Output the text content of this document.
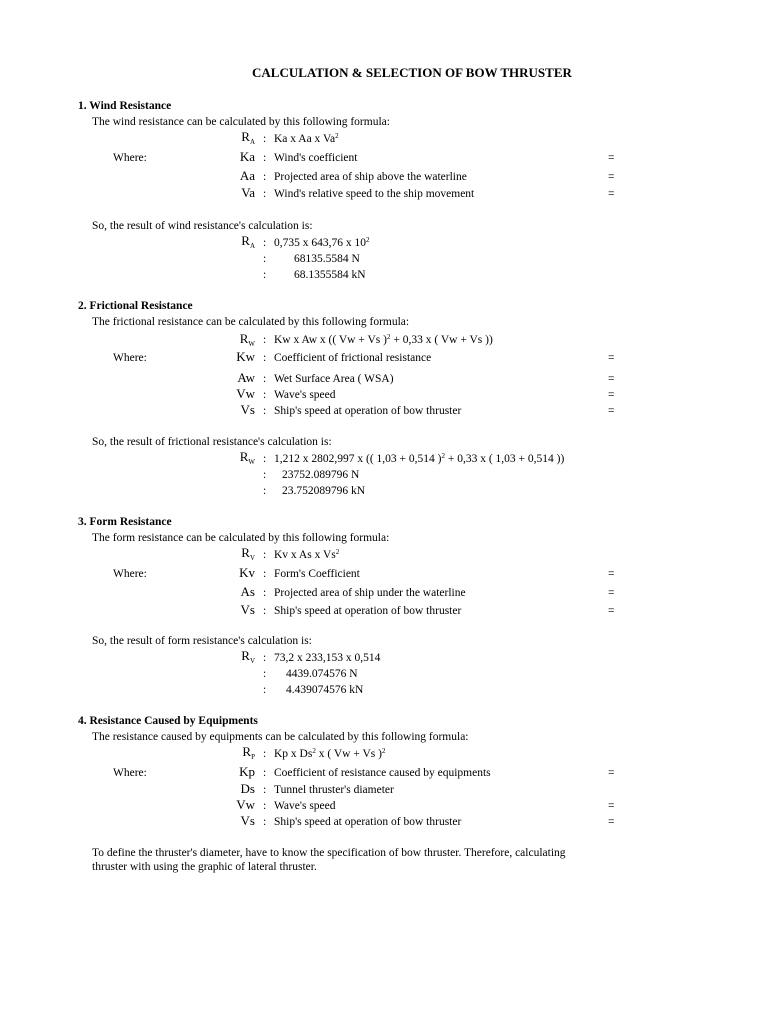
CALCULATION & SELECTION OF BOW THRUSTER
1. Wind Resistance
The wind resistance can be calculated by this following formula:
$R_A$ : Ka x Aa x Va$^2$
Where:	Ka : Wind's coefficient	=
Aa : Projected area of ship above the waterline	=
Va : Wind's relative speed to the ship movement	=
So, the result of wind resistance's calculation is:
$R_A$ : 0,735 x 643,76 x $10^2$
: 68135.5584 N
: 68.1355584 kN
2. Frictional Resistance
The frictional resistance can be calculated by this following formula:
$R_W$ : Kw x Aw x (( Vw + Vs )$^2$ + 0,33 x ( Vw + Vs ))
Where:	Kw : Coefficient of frictional resistance	=
Aw : Wet Surface Area ( WSA)	=
Vw : Wave's speed	=
Vs : Ship's speed at operation of bow thruster	=
So, the result of frictional resistance's calculation is:
$R_W$ : 1,212 x 2802,997 x (( 1,03 + 0,514 )$^2$ + 0,33 x ( 1,03 + 0,514 ))
: 23752.089796 N
: 23.752089796 kN
3. Form Resistance
The form resistance can be calculated by this following formula:
$R_V$ : Kv x As x Vs$^2$
Where:	Kv : Form's Coefficient	=
As : Projected area of ship under the waterline	=
Vs : Ship's speed at operation of bow thruster	=
So, the result of form resistance's calculation is:
$R_V$ : 73,2 x 233,153 x 0,514
: 4439.074576 N
: 4.439074576 kN
4. Resistance Caused by Equipments
The resistance caused by equipments can be calculated by this following formula:
$R_P$ : Kp x Ds$^2$ x ( Vw + Vs )$^2$
Where:	Kp : Coefficient of resistance caused by equipments	=
Ds : Tunnel thruster's diameter
Vw : Wave's speed	=
Vs : Ship's speed at operation of bow thruster	=
To define the thruster's diameter, have to know the specification of bow thruster. Therefore, calculating
thruster with using the graphic of lateral thruster.
